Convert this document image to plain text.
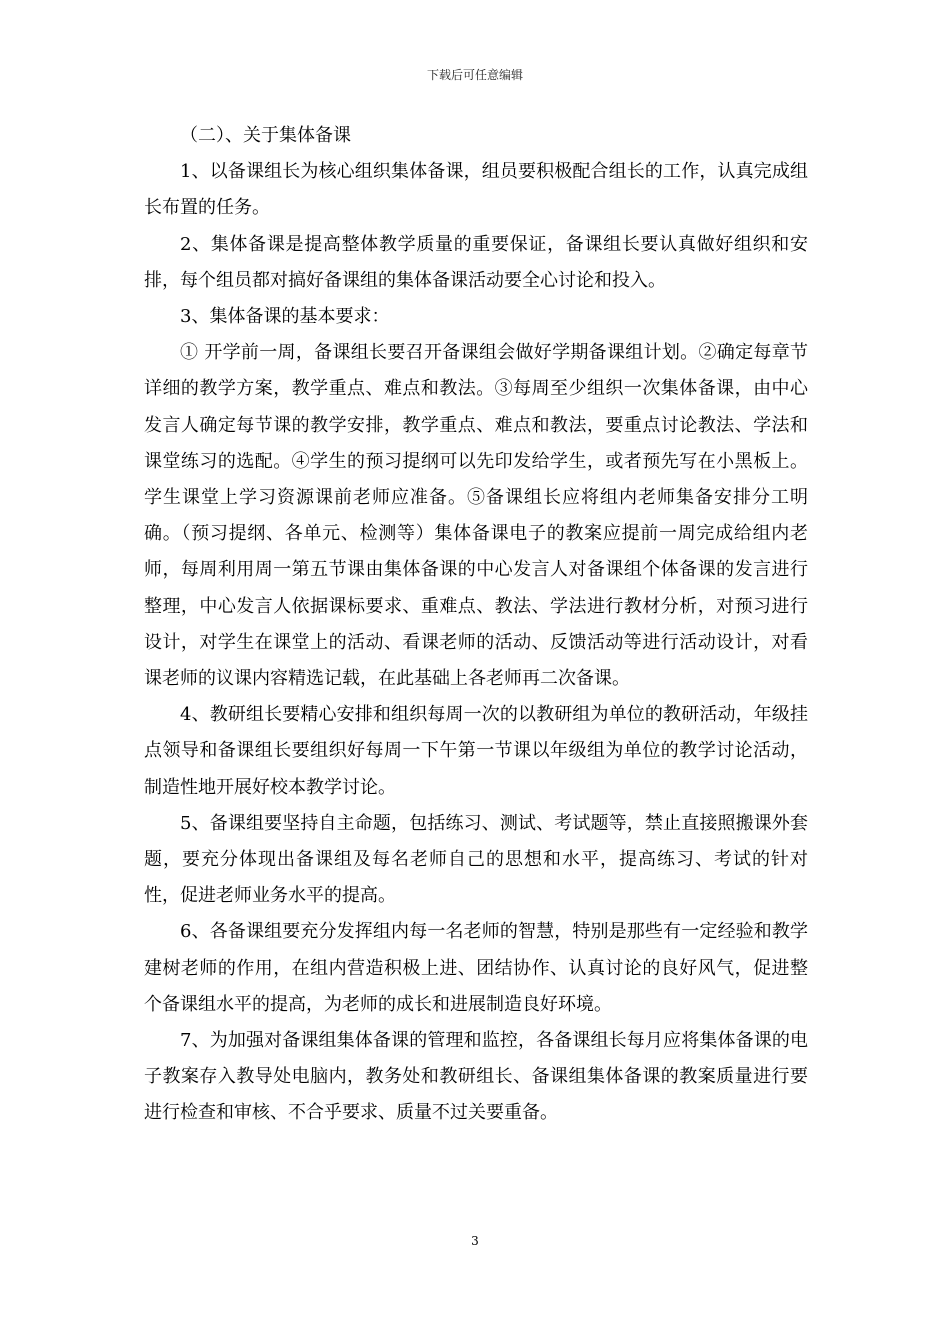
下载后可任意编辑

（二）、关于集体备课

1、以备课组长为核心组织集体备课，组员要积极配合组长的工作，认真完成组长布置的任务。

2、集体备课是提高整体教学质量的重要保证，备课组长要认真做好组织和安排，每个组员都对搞好备课组的集体备课活动要全心讨论和投入。

3、集体备课的基本要求：

① 开学前一周，备课组长要召开备课组会做好学期备课组计划。②确定每章节详细的教学方案，教学重点、难点和教法。③每周至少组织一次集体备课，由中心发言人确定每节课的教学安排，教学重点、难点和教法，要重点讨论教法、学法和课堂练习的选配。④学生的预习提纲可以先印发给学生，或者预先写在小黑板上。学生课堂上学习资源课前老师应准备。⑤备课组长应将组内老师集备安排分工明确。（预习提纲、各单元、检测等）集体备课电子的教案应提前一周完成给组内老师，每周利用周一第五节课由集体备课的中心发言人对备课组个体备课的发言进行整理，中心发言人依据课标要求、重难点、教法、学法进行教材分析，对预习进行设计，对学生在课堂上的活动、看课老师的活动、反馈活动等进行活动设计，对看课老师的议课内容精选记载，在此基础上各老师再二次备课。

4、教研组长要精心安排和组织每周一次的以教研组为单位的教研活动，年级挂点领导和备课组长要组织好每周一下午第一节课以年级组为单位的教学讨论活动，制造性地开展好校本教学讨论。

5、备课组要坚持自主命题，包括练习、测试、考试题等，禁止直接照搬课外套题，要充分体现出备课组及每名老师自己的思想和水平，提高练习、考试的针对性，促进老师业务水平的提高。

6、各备课组要充分发挥组内每一名老师的智慧，特别是那些有一定经验和教学建树老师的作用，在组内营造积极上进、团结协作、认真讨论的良好风气，促进整个备课组水平的提高，为老师的成长和进展制造良好环境。

7、为加强对备课组集体备课的管理和监控，各备课组长每月应将集体备课的电子教案存入教导处电脑内，教务处和教研组长、备课组集体备课的教案质量进行要进行检查和审核、不合乎要求、质量不过关要重备。

3
